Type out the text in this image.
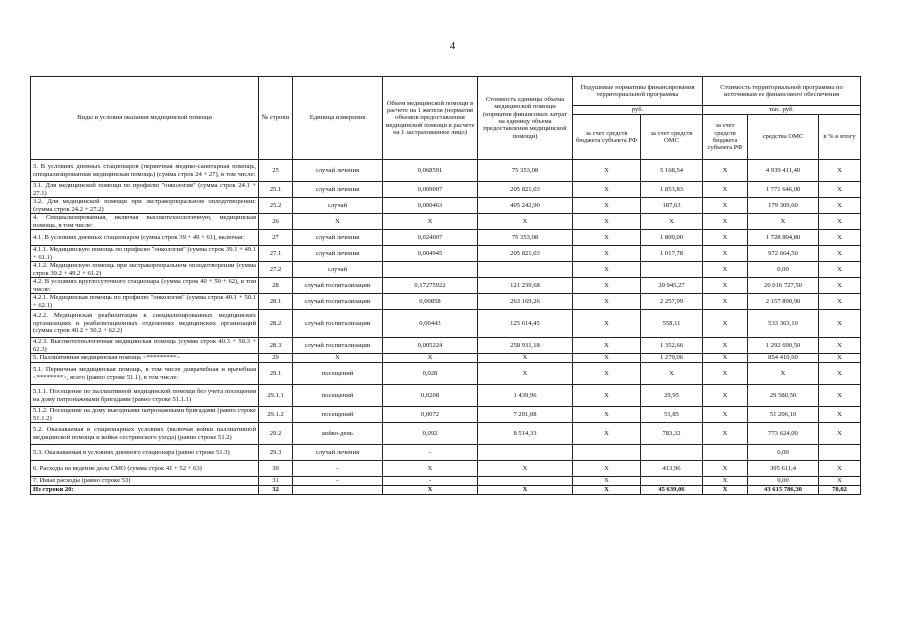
4
Виды и условия оказания медицинской помощи	№ строки	Единица измерения	Объем медицинской помощи в расчете на 1 жителя (норматив объемов предоставления медицинской помощи в расчете на 1 застрахованное лицо)	Стоимость единицы объема медицинской помощи (норматив финансовых затрат на единицу объема предоставления медицинской помощи)	Подушевые нормативы финансирования территориальной программы		Стоимость территориальной программы по источникам ее финансового обеспечения		
					руб.		тыс. руб.		
					за счет средств бюджета субъекта РФ	за счет средств ОМС	за счет средств бюджета субъекта РФ	средства ОМС	в % к итогу
3. В условиях дневных стационаров (первичная медико-санитарная помощь, специализированная медицинская помощь) (сумма строк 24 + 27), в том числе:	25	случай лечения	0,068591	75 353,08	X	5 168,54	X	4 939 411,40	X
3.1. Для медицинской помощи по профилю "онкология" (сумма строк 24.1 + 27.1)	25.1	случай лечения	0,009007	205 821,03	X	1 853,83	X	1 771 646,00	X
3.2. Для медицинской помощи при экстракорпоральном оплодотворении: (сумма строк 24.2 + 27.2)	25.2	случай	0,000463	405 242,90	X	187,63	X	179 309,60	X
4. Специализированная, включая высокотехнологичную, медицинская помощь, в том числе:	26	X	X	X	X	X	X	X	X
4.1. В условиях дневных стационаров (сумма строк 39 + 49 + 61), включая:	27	случай лечения	0,024007	75 353,08	X	1 809,00	X	1 728 804,80	X
4.1.1. Медицинскую помощь по профилю "онкология" (сумма строк 39.1 + 49.1 + 61.1)	27.1	случай лечения	0,004945	205 821,03	X	1 017,78	X	972 664,50	X
4.1.2. Медицинскую помощь при экстракорпоральном оплодотворении (сумма строк 39.2 + 49.2 + 61.2)	27.2	случай			X		X	0,00	X
4.2. В условиях круглосуточного стационара (сумма строк 40 + 50 + 62), в том числе:	28	случай госпитализации	0,17275922	121 239,68	X	20 945,27	X	20 016 727,50	X
4.2.1. Медицинская помощь по профилю "онкология" (сумма строк 40.1 + 50.1 + 62.1)	28.1	случай госпитализации	0,00858	263 169,26	X	2 257,99	X	2 157 890,90	X
4.2.2. Медицинская реабилитация в специализированных медицинских организациях и реабилитационных отделениях медицинских организаций (сумма строк 40.2 + 50.2 + 62.2)	28.2	случай госпитализации	0,00443	125 614,45	X	558,11	X	533 363,10	X
4.2.3. Высокотехнологичная медицинская помощь (сумма строк 40.3 + 50.3 + 62.3)	28.3	случай госпитализации	0,005224	258 931,18	X	1 352,66	X	1 292 690,50	X
5. Паллиативная медицинская помощь <*********>	29	X	X	X	X	1 279,06	X	854 410,60	X
5.1. Первичная медицинская помощь, в том числе доврачебная и врачебная <********>, всего (равно строке 51.1), в том числе:	29.1	посещений	0,028	X	X	X	X	X	X
5.1.1. Посещение по паллиативной медицинской помощи без учета посещения на дому патронажными бригадами (равно строке 51.1.1)	29.1.1	посещений	0,0208	1 439,96	X	29,95	X	29 580,50	X
5.1.2. Посещение на дому выездными патронажными бригадами (равно строке 51.1.2)	29.1.2	посещений	0,0072	7 201,08	X	51,85	X	51 206,10	X
5.2. Оказываемая в стационарных условиях (включая койки паллиативной медицинской помощи и койки сестринского ухода) (равно строке 51.2)	29.2	койко-день	0,092	8 514,33	X	783,32	X	773 624,00	X
5.3. Оказываемая в условиях дневного стационара (равно строке 51.3)	29.3	случай лечения	-					0,00	
6. Расходы на ведение дела СМО (сумма строк 41 + 52 + 63)	30	-	X	X	X	413,96	X	395 611,4	X
7. Иные расходы (равно строке 53)	31	-	-		X		X	0,00	X
Из строки 20:	32		X	X	X	45 639,06	X	43 615 786,30	78,02
